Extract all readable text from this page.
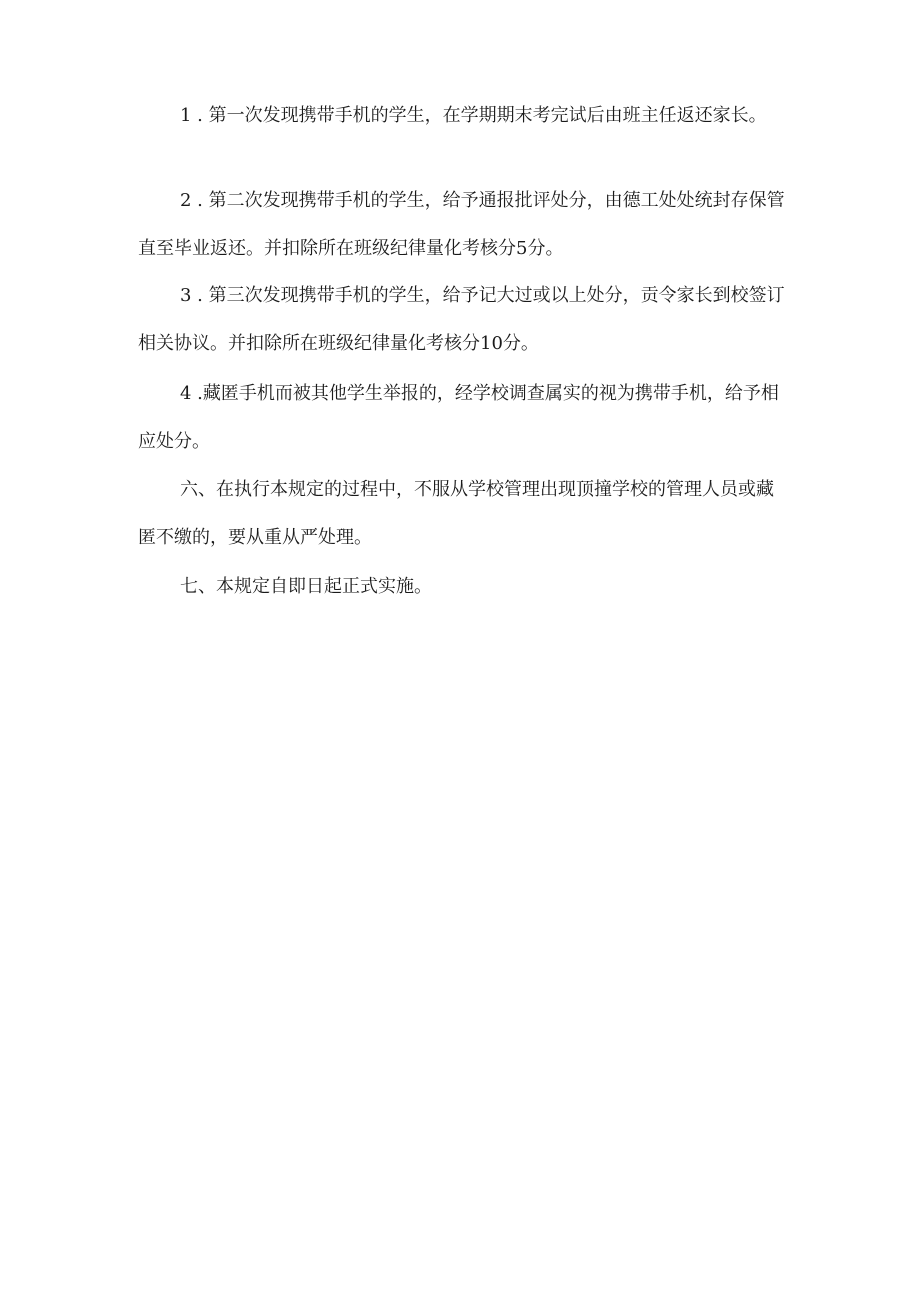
1 . 第一次发现携带手机的学生，在学期期末考完试后由班主任返还家长。

2 . 第二次发现携带手机的学生，给予通报批评处分，由德工处处统封存保管直至毕业返还。并扣除所在班级纪律量化考核分5分。

3 . 第三次发现携带手机的学生，给予记大过或以上处分，贡令家长到校签订相关协议。并扣除所在班级纪律量化考核分10分。

4 .藏匿手机而被其他学生举报的，经学校调查属实的视为携带手机，给予相应处分。

六、在执行本规定的过程中，不服从学校管理出现顶撞学校的管理人员或藏匿不缴的，要从重从严处理。

七、本规定自即日起正式实施。
